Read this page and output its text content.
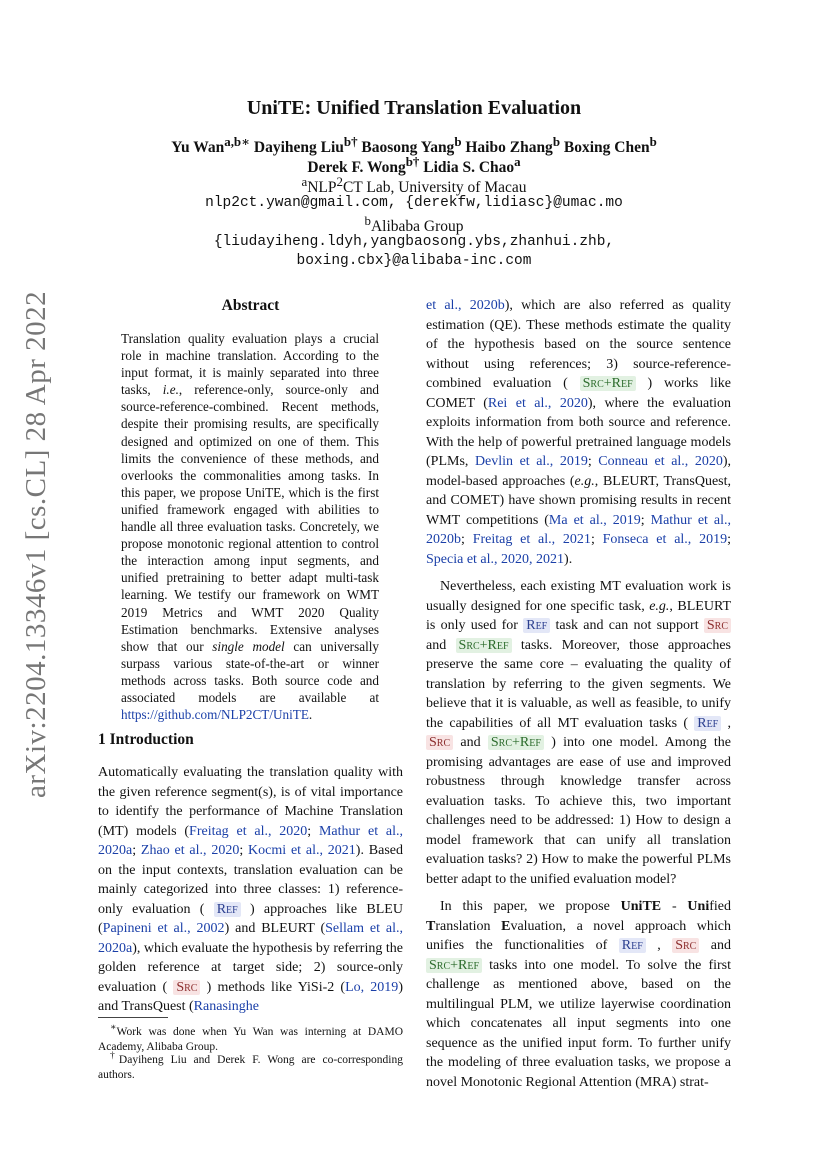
arXiv:2204.13346v1 [cs.CL] 28 Apr 2022
UniTE: Unified Translation Evaluation
Yu Wan$^{a,b∗}$ Dayiheng Liu$^{b\dagger}$ Baosong Yang$^b$ Haibo Zhang$^b$ Boxing Chen$^b$
Derek F. Wong$^{b\dagger}$ Lidia S. Chao$^a$
$^a$NLP$^2$CT Lab, University of Macau
nlp2ct.ywan@gmail.com, {derekfw,lidiasc}@umac.mo
$^b$Alibaba Group
{liudayiheng.ldyh,yangbaosong.ybs,zhanhui.zhb,
boxing.cbx}@alibaba-inc.com
Abstract

Translation quality evaluation plays a crucial role in machine translation. According to the input format, it is mainly separated into three tasks, i.e., reference-only, source-only and source-reference-combined. Recent methods, despite their promising results, are specifically designed and optimized on one of them. This limits the convenience of these methods, and overlooks the commonalities among tasks. In this paper, we propose UniTE, which is the first unified framework engaged with abilities to handle all three evaluation tasks. Concretely, we propose monotonic regional attention to control the interaction among input segments, and unified pretraining to better adapt multi-task learning. We testify our framework on WMT 2019 Metrics and WMT 2020 Quality Estimation benchmarks. Extensive analyses show that our single model can universally surpass various state-of-the-art or winner methods across tasks. Both source code and associated models are available at https://github.com/NLP2CT/UniTE.

1 Introduction

Automatically evaluating the translation quality with the given reference segment(s), is of vital importance to identify the performance of Machine Translation (MT) models (Freitag et al., 2020; Mathur et al., 2020a; Zhao et al., 2020; Kocmi et al., 2021). Based on the input contexts, translation evaluation can be mainly categorized into three classes: 1) reference-only evaluation ( Ref ) approaches like BLEU (Papineni et al., 2002) and BLEURT (Sellam et al., 2020a), which evaluate the hypothesis by referring the golden reference at target side; 2) source-only evaluation ( Src ) methods like YiSi-2 (Lo, 2019) and TransQuest (Ranasinghe

∗Work was done when Yu Wan was interning at DAMO Academy, Alibaba Group.
†Dayiheng Liu and Derek F. Wong are co-corresponding authors.

et al., 2020b), which are also referred as quality estimation (QE). These methods estimate the quality of the hypothesis based on the source sentence without using references; 3) source-reference-combined evaluation ( Src+Ref ) works like COMET (Rei et al., 2020), where the evaluation exploits information from both source and reference. With the help of powerful pretrained language models (PLMs, Devlin et al., 2019; Conneau et al., 2020), model-based approaches (e.g., BLEURT, TransQuest, and COMET) have shown promising results in recent WMT competitions (Ma et al., 2019; Mathur et al., 2020b; Freitag et al., 2021; Fonseca et al., 2019; Specia et al., 2020, 2021).

Nevertheless, each existing MT evaluation work is usually designed for one specific task, e.g., BLEURT is only used for Ref task and can not support Src and Src+Ref tasks. Moreover, those approaches preserve the same core – evaluating the quality of translation by referring to the given segments. We believe that it is valuable, as well as feasible, to unify the capabilities of all MT evaluation tasks ( Ref , Src and Src+Ref ) into one model. Among the promising advantages are ease of use and improved robustness through knowledge transfer across evaluation tasks. To achieve this, two important challenges need to be addressed: 1) How to design a model framework that can unify all translation evaluation tasks? 2) How to make the powerful PLMs better adapt to the unified evaluation model?

In this paper, we propose UniTE - Unified Translation Evaluation, a novel approach which unifies the functionalities of Ref , Src and Src+Ref tasks into one model. To solve the first challenge as mentioned above, based on the multilingual PLM, we utilize layerwise coordination which concatenates all input segments into one sequence as the unified input form. To further unify the modeling of three evaluation tasks, we propose a novel Monotonic Regional Attention (MRA) strat-
